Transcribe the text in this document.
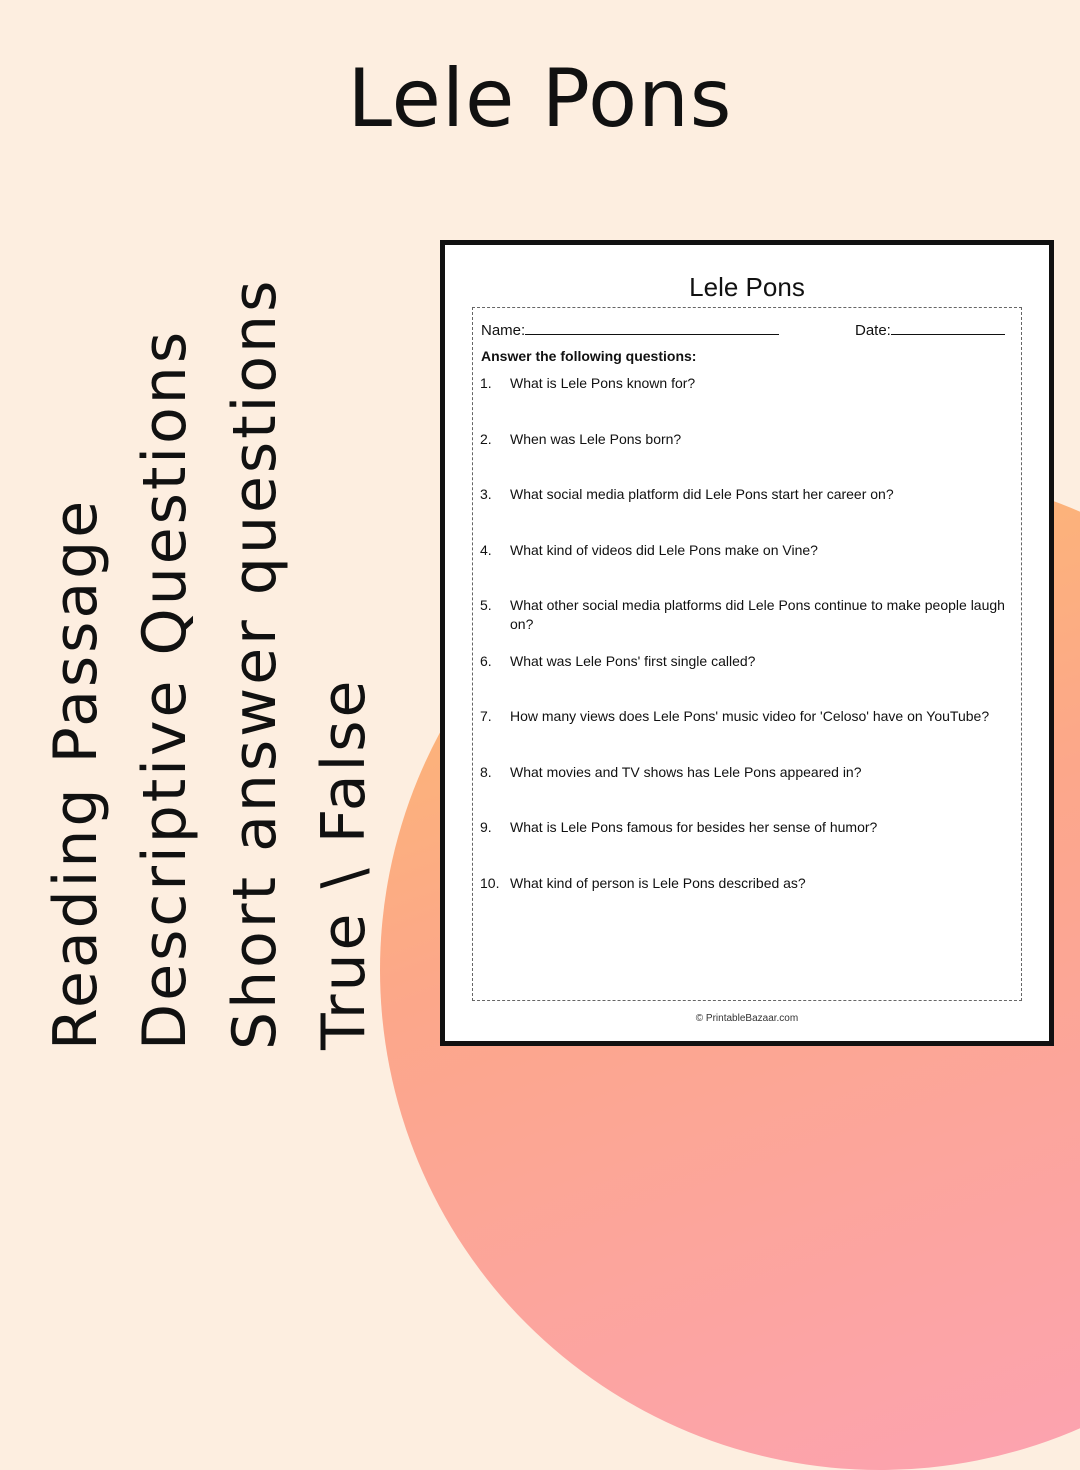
Lele Pons
Reading Passage Descriptive Questions Short answer questions True \ False
Lele Pons
Name:	Date:
Answer the following questions:
1. What is Lele Pons known for?
2. When was Lele Pons born?
3. What social media platform did Lele Pons start her career on?
4. What kind of videos did Lele Pons make on Vine?
5. What other social media platforms did Lele Pons continue to make people laugh on?
6. What was Lele Pons' first single called?
7. How many views does Lele Pons' music video for 'Celoso' have on YouTube?
8. What movies and TV shows has Lele Pons appeared in?
9. What is Lele Pons famous for besides her sense of humor?
10. What kind of person is Lele Pons described as?
© PrintableBazaar.com
